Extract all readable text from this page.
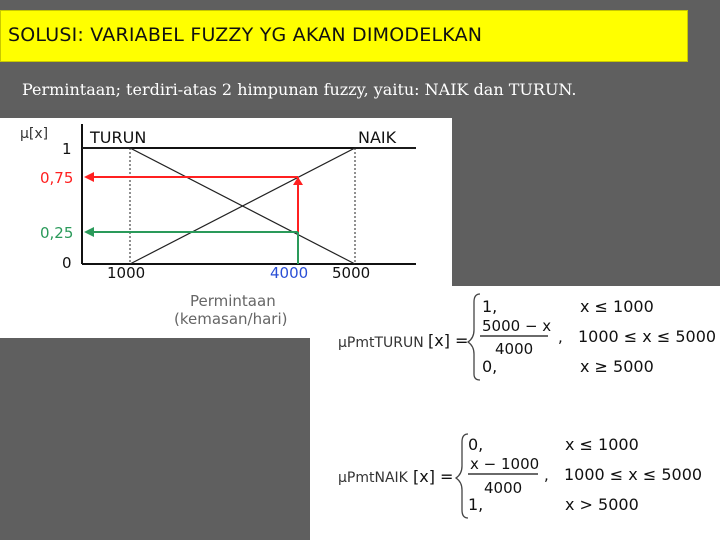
SOLUSI: VARIABEL FUZZY YG AKAN DIMODELKAN
Permintaan; terdiri-atas 2 himpunan fuzzy, yaitu: NAIK dan TURUN.
μ[x]	TURUN	NAIK
1
0,75
0,25
0
1000	4000 5000
Permintaan
(kemasan/hari)
μPmtTURUN [x] =
1,	x ≤ 1000
5000 − x
4000
, 1000 ≤ x ≤ 5000
0,	x ≥ 5000
μPmtNAIK [x] =
0,	x ≤ 1000
x − 1000
4000
, 1000 ≤ x ≤ 5000
1,	x > 5000
